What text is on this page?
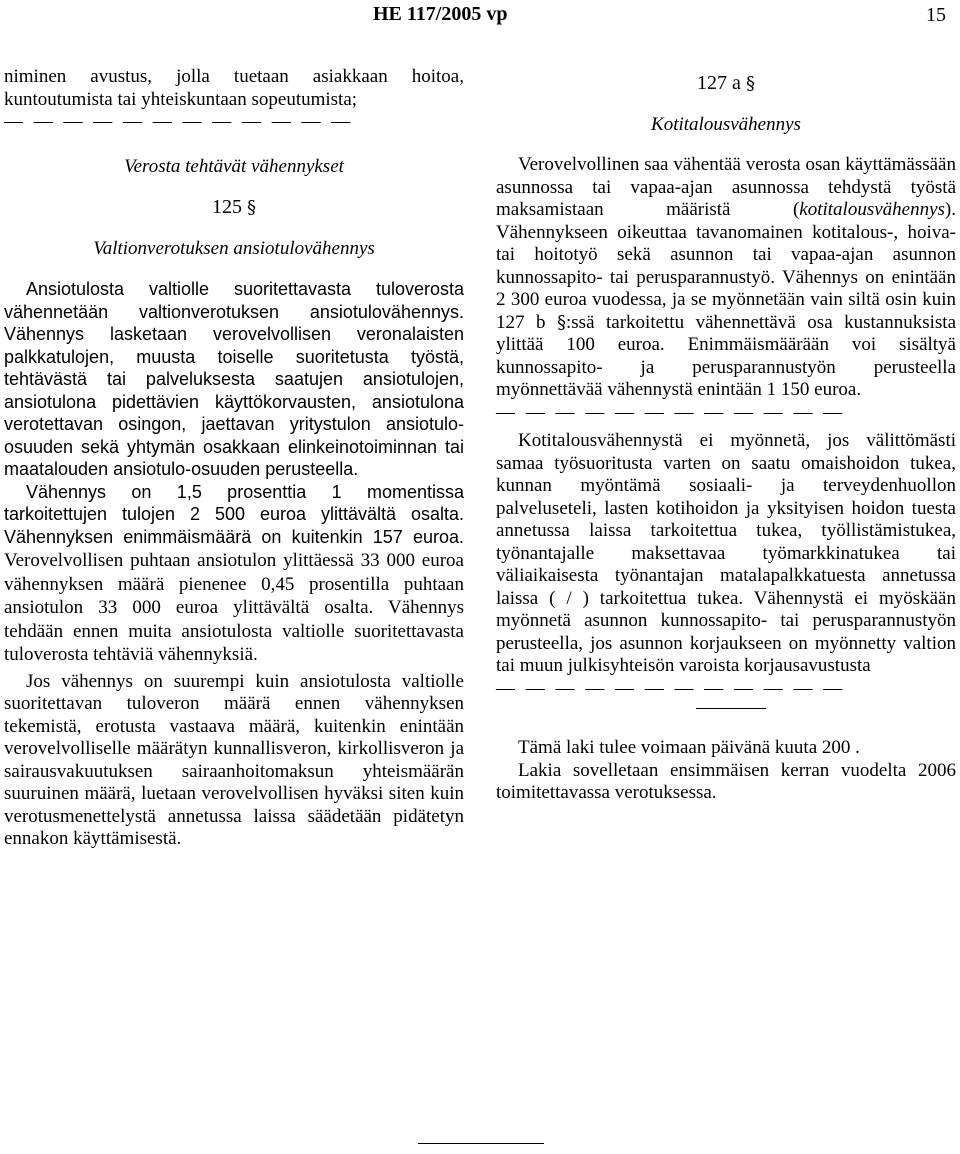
HE 117/2005 vp	15

niminen avustus, jolla tuetaan asiakkaan hoitoa, kuntoutumista tai yhteiskuntaan sopeutumista;

— — — — — — — — — — — —

Verosta tehtävät vähennykset

125 §

Valtionverotuksen ansiotulovähennys

Ansiotulosta valtiolle suoritettavasta tuloverosta vähennetään valtionverotuksen ansiotulovähennys. Vähennys lasketaan verovelvollisen veronalaisten palkkatulojen, muusta toiselle suoritetusta työstä, tehtävästä tai palveluksesta saatujen ansiotulojen, ansiotulona pidettävien käyttökorvausten, ansiotulona verotettavan osingon, jaettavan yritystulon ansiotulo-osuuden sekä yhtymän osakkaan elinkeinotoiminnan tai maatalouden ansiotulo-osuuden perusteella.

Vähennys on 1,5 prosenttia 1 momentissa tarkoitettujen tulojen 2 500 euroa ylittävältä osalta. Vähennyksen enimmäismäärä on kuitenkin 157 euroa. Verovelvollisen puhtaan ansiotulon ylittäessä 33 000 euroa vähennyksen määrä pienenee 0,45 prosentilla puhtaan ansiotulon 33 000 euroa ylittävältä osalta. Vähennys tehdään ennen muita ansiotulosta valtiolle suoritettavasta tuloverosta tehtäviä vähennyksiä.

Jos vähennys on suurempi kuin ansiotulosta valtiolle suoritettavan tuloveron määrä ennen vähennyksen tekemistä, erotusta vastaava määrä, kuitenkin enintään verovelvolliselle määrätyn kunnallisveron, kirkollisveron ja sairausvakuutuksen sairaanhoitomaksun yhteismäärän suuruinen määrä, luetaan verovelvollisen hyväksi siten kuin verotusmenettelystä annetussa laissa säädetään pidätetyn ennakon käyttämisestä.

127 a §

Kotitalousvähennys

Verovelvollinen saa vähentää verosta osan käyttämässään asunnossa tai vapaa-ajan asunnossa tehdystä työstä maksamistaan määristä (kotitalousvähennys). Vähennykseen oikeuttaa tavanomainen kotitalous-, hoiva- tai hoitotyö sekä asunnon tai vapaa-ajan asunnon kunnossapito- tai perusparannustyö. Vähennys on enintään 2 300 euroa vuodessa, ja se myönnetään vain siltä osin kuin 127 b §:ssä tarkoitettu vähennettävä osa kustannuksista ylittää 100 euroa. Enimmäismäärään voi sisältyä kunnossapito- ja perusparannustyön perusteella myönnettävää vähennystä enintään 1 150 euroa.

— — — — — — — — — — — —

Kotitalousvähennystä ei myönnetä, jos välittömästi samaa työsuoritusta varten on saatu omaishoidon tukea, kunnan myöntämä sosiaali- ja terveydenhuollon palveluseteli, lasten kotihoidon ja yksityisen hoidon tuesta annetussa laissa tarkoitettua tukea, työllistämistukea, työnantajalle maksettavaa työmarkkinatukea tai väliaikaisesta työnantajan matalapalkkatuesta annetussa laissa ( / ) tarkoitettua tukea. Vähennystä ei myöskään myönnetä asunnon kunnossapito- tai perusparannustyön perusteella, jos asunnon korjaukseen on myönnetty valtion tai muun julkisyhteisön varoista korjausavustusta

— — — — — — — — — — — —

Tämä laki tulee voimaan päivänä kuuta 200 .

Lakia sovelletaan ensimmäisen kerran vuodelta 2006 toimitettavassa verotuksessa.
